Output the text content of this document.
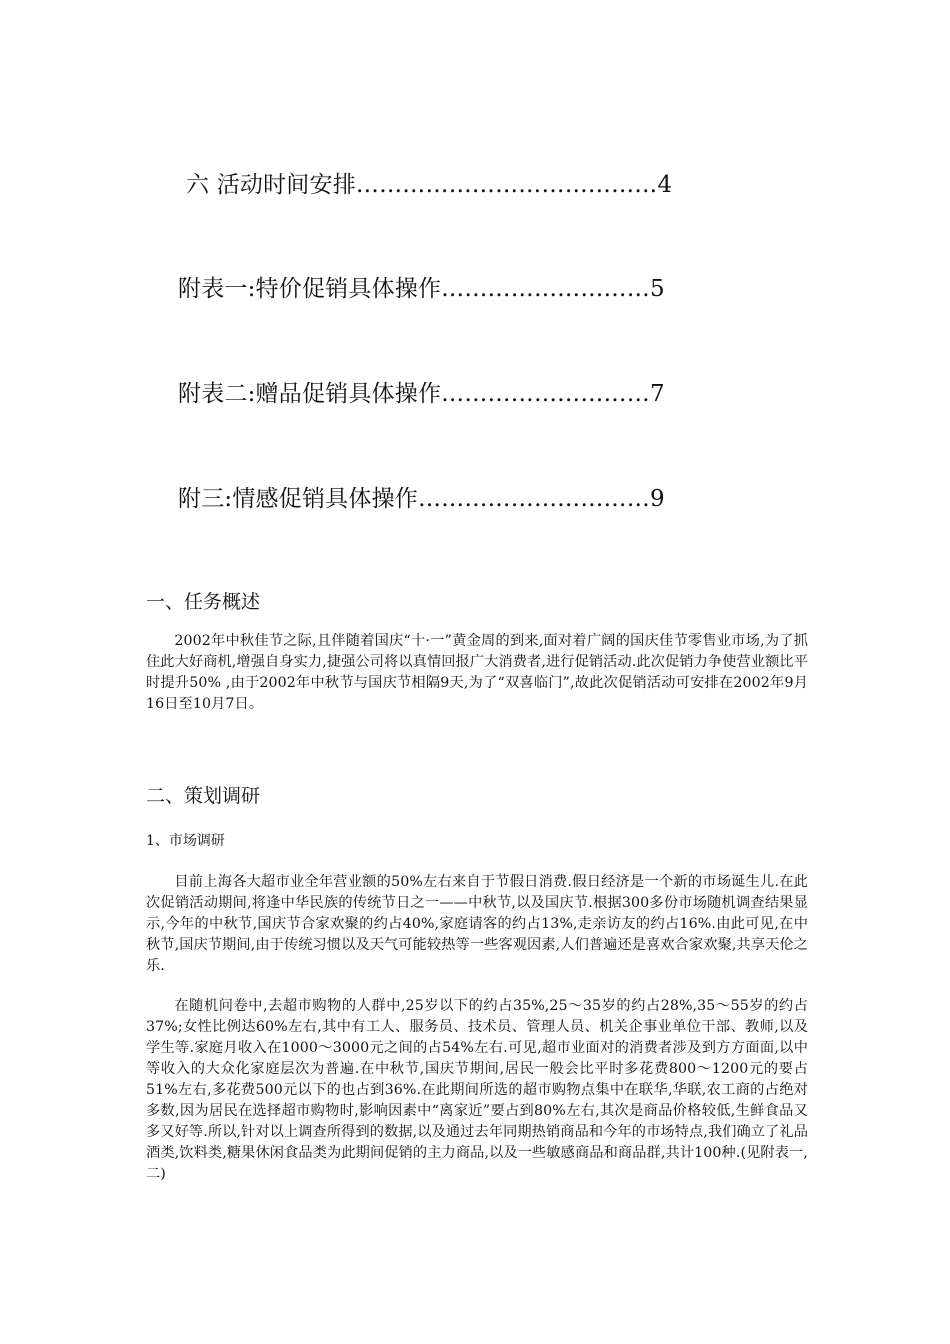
六 活动时间安排…………………………………4
附表一:特价促销具体操作………………………5
附表二:赠品促销具体操作………………………7
附三:情感促销具体操作…………………………9
一、任务概述
2002年中秋佳节之际,且伴随着国庆“十·一”黄金周的到来,面对着广阔的国庆佳节零售业市场,为了抓住此大好商机,增强自身实力,捷强公司将以真情回报广大消费者,进行促销活动.此次促销力争使营业额比平时提升50% ,由于2002年中秋节与国庆节相隔9天,为了“双喜临门”,故此次促销活动可安排在2002年9月16日至10月7日。
二、策划调研
1、市场调研
目前上海各大超市业全年营业额的50%左右来自于节假日消费.假日经济是一个新的市场诞生儿.在此次促销活动期间,将逢中华民族的传统节日之一——中秋节,以及国庆节.根据300多份市场随机调查结果显示,今年的中秋节,国庆节合家欢聚的约占40%,家庭请客的约占13%,走亲访友的约占16%.由此可见,在中秋节,国庆节期间,由于传统习惯以及天气可能较热等一些客观因素,人们普遍还是喜欢合家欢聚,共享天伦之乐.
在随机问卷中,去超市购物的人群中,25岁以下的约占35%,25～35岁的约占28%,35～55岁的约占37%;女性比例达60%左右,其中有工人、服务员、技术员、管理人员、机关企事业单位干部、教师,以及学生等.家庭月收入在1000～3000元之间的占54%左右.可见,超市业面对的消费者涉及到方方面面,以中等收入的大众化家庭层次为普遍.在中秋节,国庆节期间,居民一般会比平时多花费800～1200元的要占51%左右,多花费500元以下的也占到36%.在此期间所选的超市购物点集中在联华,华联,农工商的占绝对多数,因为居民在选择超市购物时,影响因素中“离家近”要占到80%左右,其次是商品价格较低,生鲜食品又多又好等.所以,针对以上调查所得到的数据,以及通过去年同期热销商品和今年的市场特点,我们确立了礼品酒类,饮料类,糖果休闲食品类为此期间促销的主力商品,以及一些敏感商品和商品群,共计100种.(见附表一,二)
